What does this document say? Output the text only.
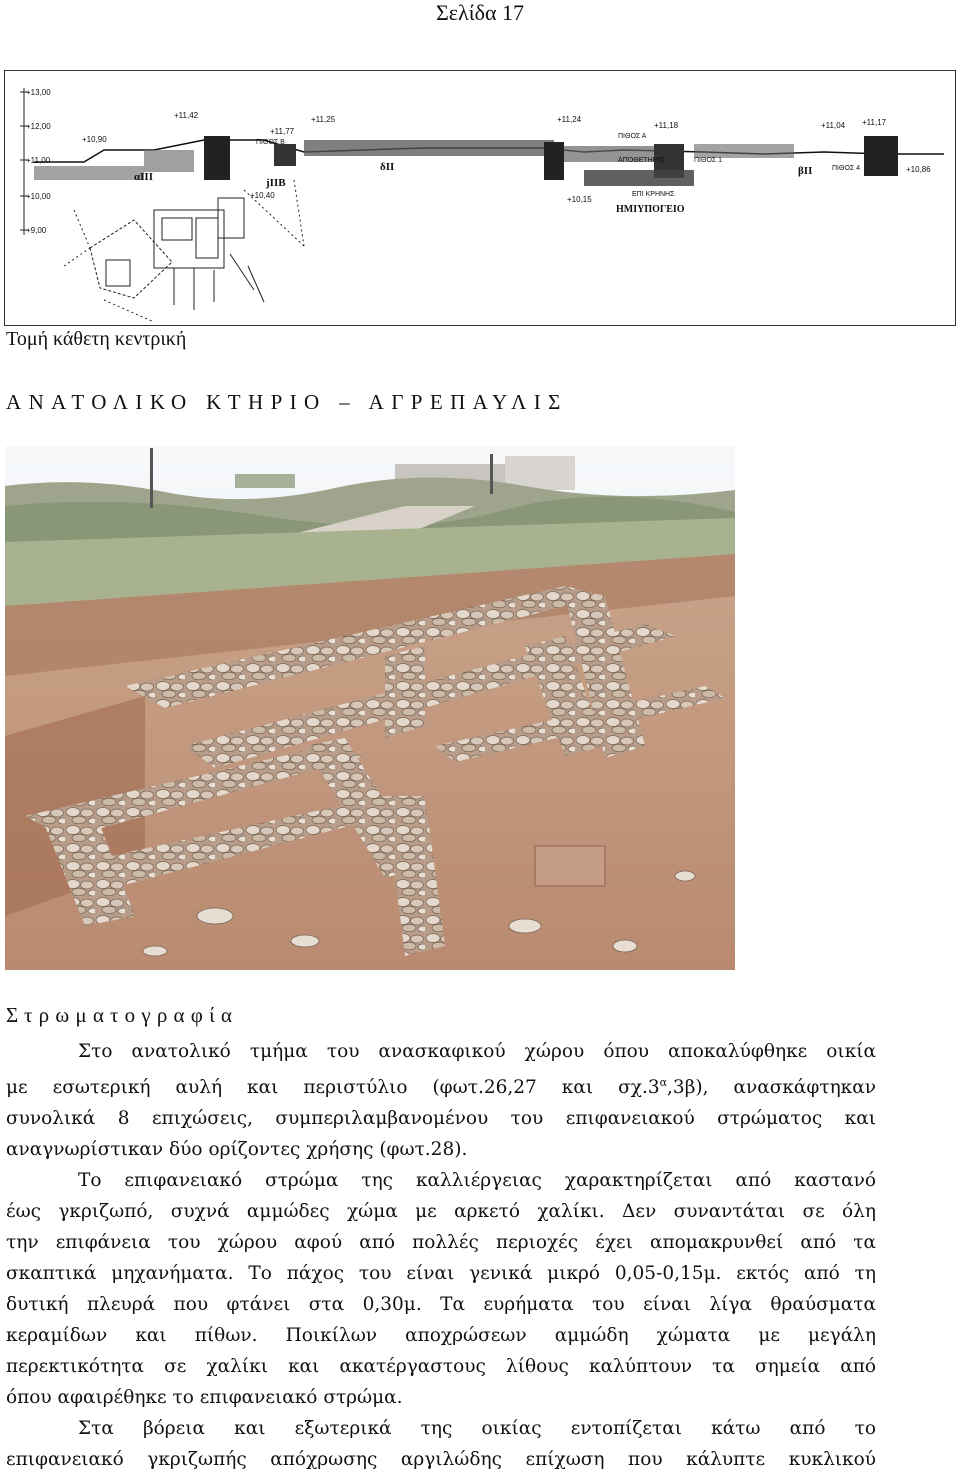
Σελίδα 17
+13,00
+12,00
+11,00
+10,00
+9,00
+11,42
+10,90
+11,77
+11,25	+11,24
+11,18	+11,04 +11,17
+10,40	+10,15
+10,86
αIII	jIIB
δII	βII
ΠΙΘΟΣ Β
ΠΙΘΟΣ Α
ΑΠΟΘΕΤΗΡΙΟ	ΠΙΘΟΣ 1
ΠΙΘΟΣ 4
ΕΠΙ ΚΡΗΝΗΣ
ΗΜΙΥΠΟΓΕΙΟ
Τομή κάθετη κεντρική
ΑΝΑΤΟΛΙΚΟ ΚΤΗΡΙΟ – ΑΓΡΕΠΑΥΛΙΣ
Στρωματογραφία

Στο ανατολικό τμήμα του ανασκαφικού χώρου όπου αποκαλύφθηκε οικία
με εσωτερική αυλή και περιστύλιο (φωτ.26,27 και $\sigma\chi.3^\alpha,3\beta$), ανασκάφτηκαν
συνολικά 8 επιχώσεις, συμπεριλαμβανομένου του επιφανειακού στρώματος και
αναγνωρίστικαν δύο ορίζοντες χρήσης (φωτ.28).

Το επιφανειακό στρώμα της καλλιέργειας χαρακτηρίζεται από καστανό
έως γκριζωπό, συχνά αμμώδες χώμα με αρκετό χαλίκι. Δεν συναντάται σε όλη
την επιφάνεια του χώρου αφού από πολλές περιοχές έχει απομακρυνθεί από τα
σκαπτικά μηχανήματα. Το πάχος του είναι γενικά μικρό 0,05-0,15μ. εκτός από τη
δυτική πλευρά που φτάνει στα 0,30μ. Τα ευρήματα του είναι λίγα θραύσματα
κεραμίδων και πίθων. Ποικίλων αποχρώσεων αμμώδη χώματα με μεγάλη
περεκτικότητα σε χαλίκι και ακατέργαστους λίθους καλύπτουν τα σημεία από
όπου αφαιρέθηκε το επιφανειακό στρώμα.

Στα βόρεια και εξωτερικά της οικίας εντοπίζεται κάτω από το
επιφανειακό γκριζωπής απόχρωσης αργιλώδης επίχωση που κάλυπτε κυκλικού
